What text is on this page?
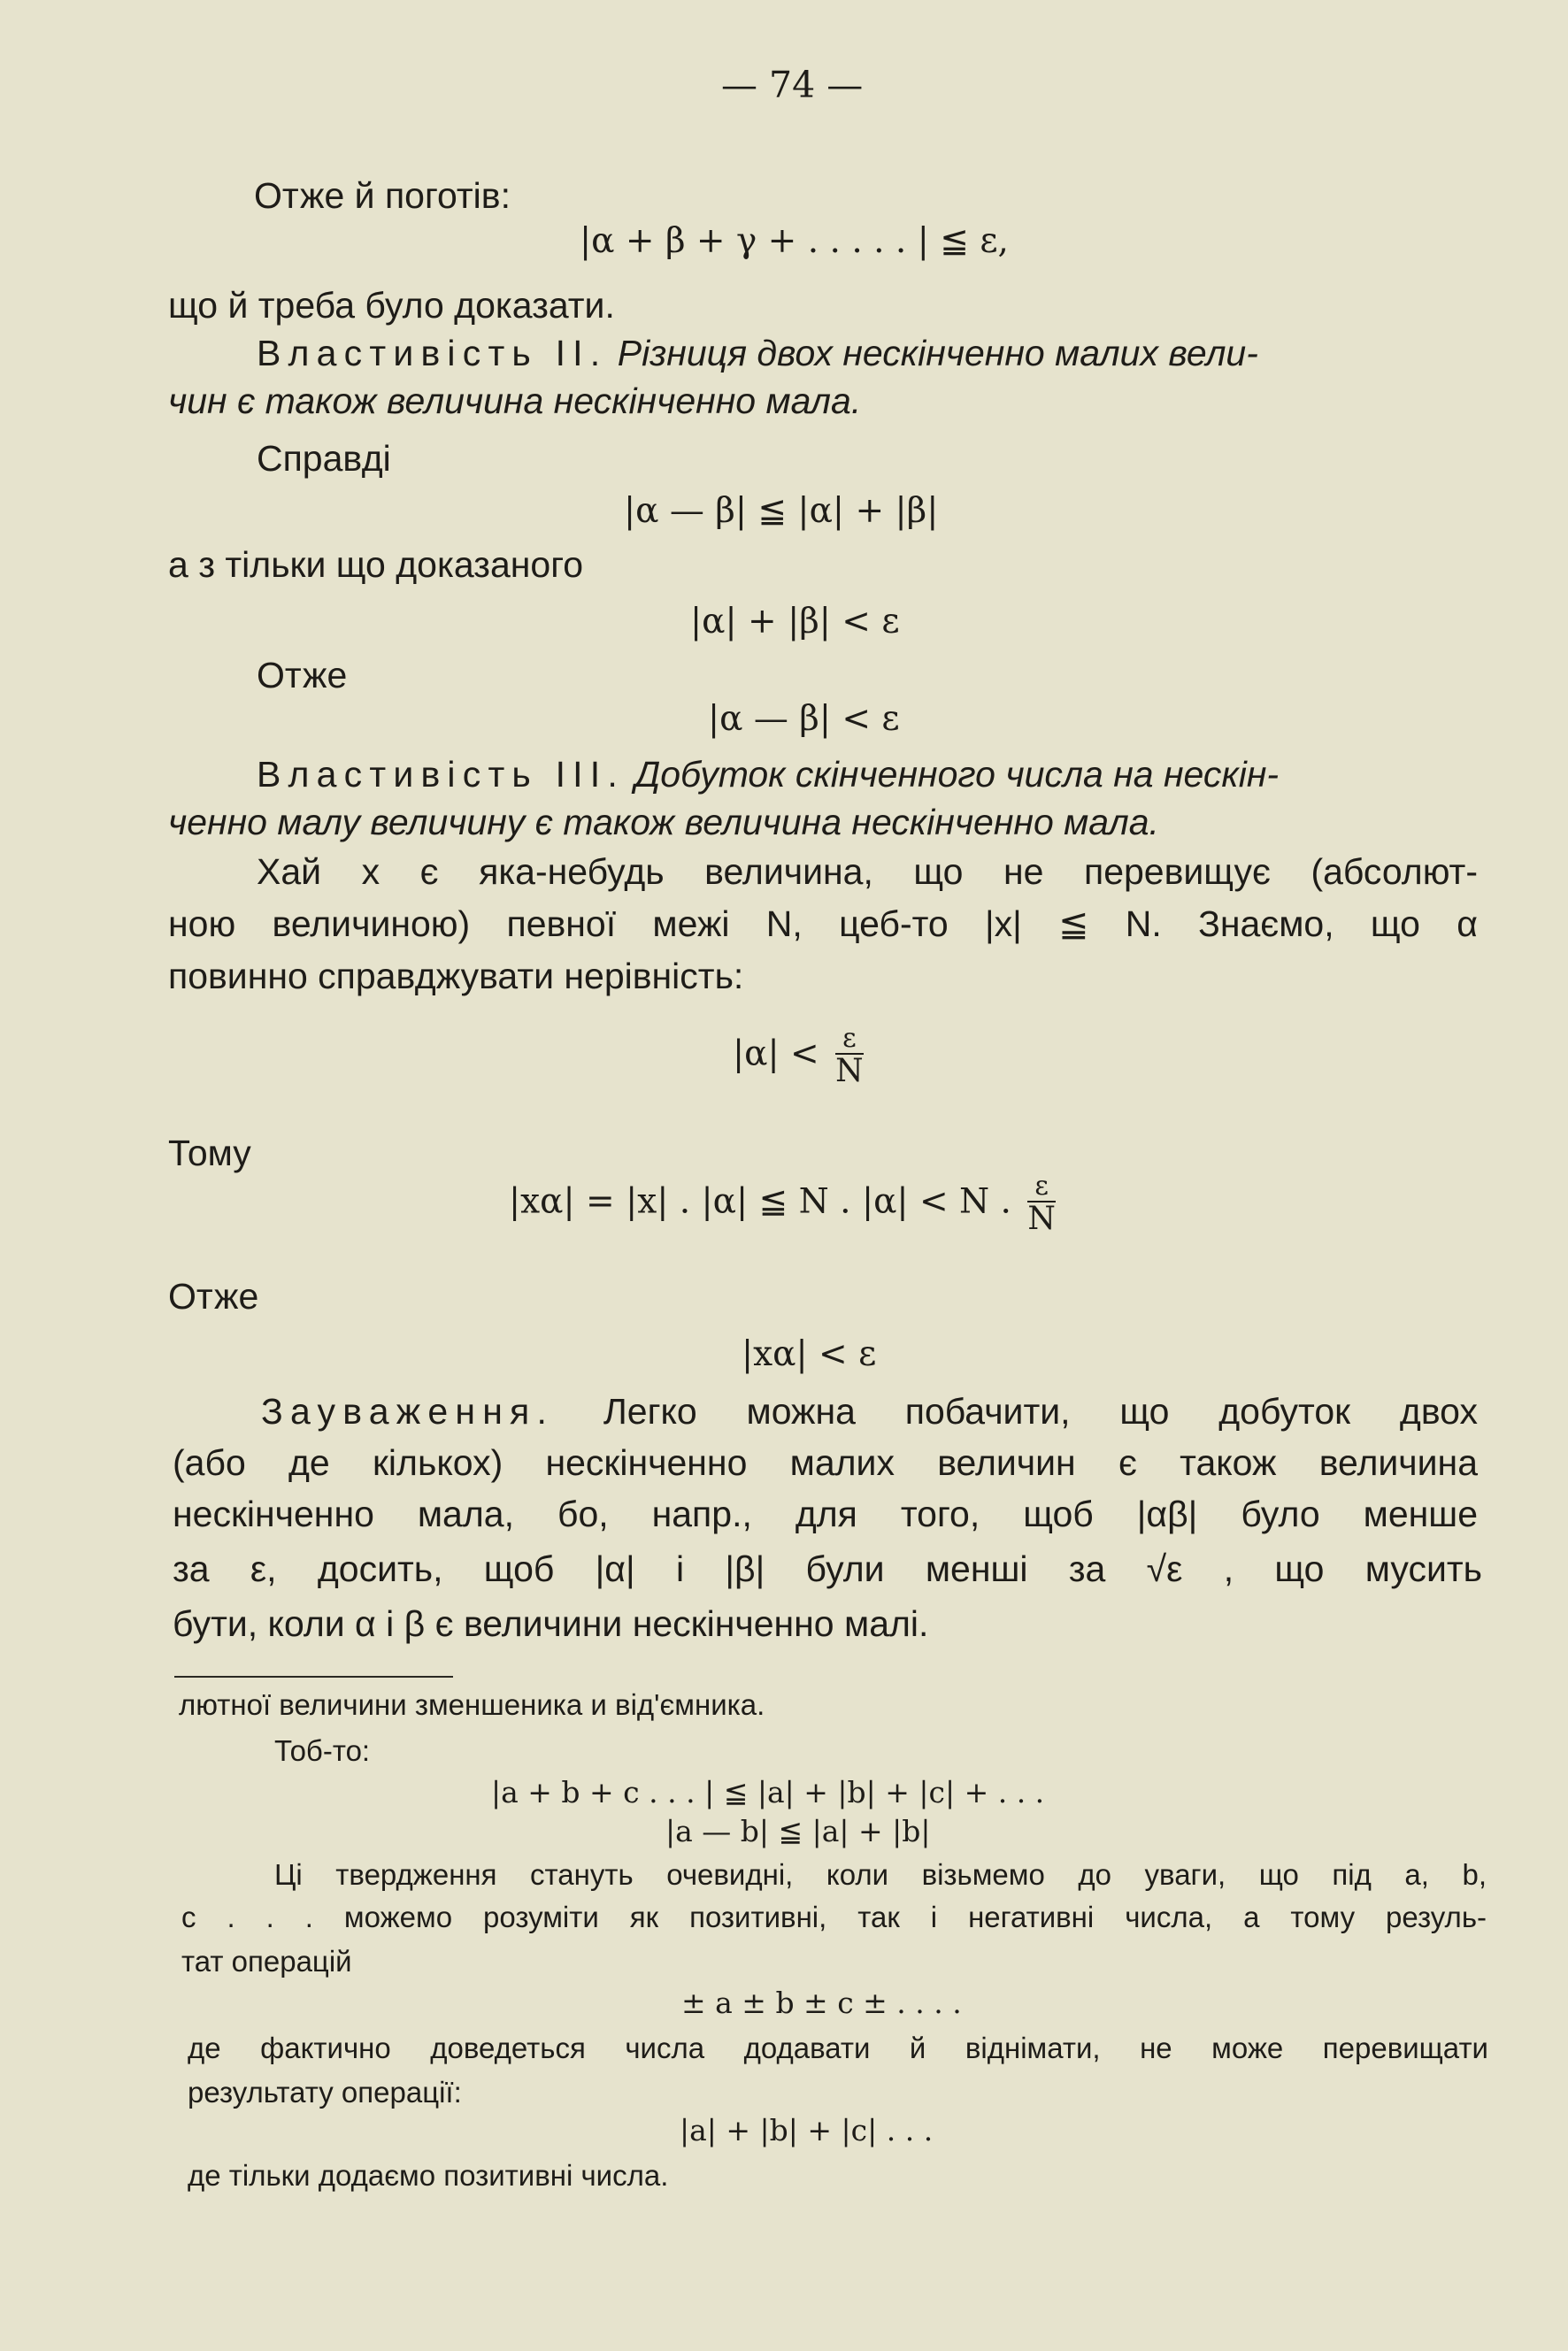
— 74 —
Отже й поготів:
|α + β + γ + . . . . . | ≦ ε,
що й треба було доказати.
Властивість II. Різниця двох нескінченно малих вели-
чин є також величина нескінченно мала.
Справді
|α — β| ≦ |α| + |β|
а з тільки що доказаного
|α| + |β| < ε
Отже
|α — β| < ε
Властивість III. Добуток скінченного числа на нескін-
ченно малу величину є також величина нескінченно мала.
Хай x є яка-небудь величина, що не перевищує (абсолют-
ною величиною) певної межі N, цеб-то |x| ≦ N. Знаємо, що α
повинно справджувати нерівність:
$|\alpha| < \frac{\varepsilon}{N}$
Тому
|xα| = |x| . |α| ≦ N . |α| < N . $\frac{\varepsilon}{N}$
Отже
|xα| < ε
Зауваження. Легко можна побачити, що добуток двох
(або де кількох) нескінченно малих величин є також величина
нескінченно мала, бо, напр., для того, щоб |αβ| було менше
за ε, досить, щоб |α| і |β| були менші за √ε , що мусить
бути, коли α і β є величини нескінченно малі.
лютної величини зменшеника и від'ємника.
Тоб-то:
|a + b + c . . . | ≦ |a| + |b| + |c| + . . .
|a — b| ≦ |a| + |b|
Ці твердження стануть очевидні, коли візьмемо до уваги, що під a, b,
c . . . можемо розуміти як позитивні, так і негативні числа, а тому резуль-
тат операцій
± a ± b ± c ± . . . .
де фактично доведеться числа додавати й віднімати, не може перевищати
результату операції:
|a| + |b| + |c| . . .
де тільки додаємо позитивні числа.
